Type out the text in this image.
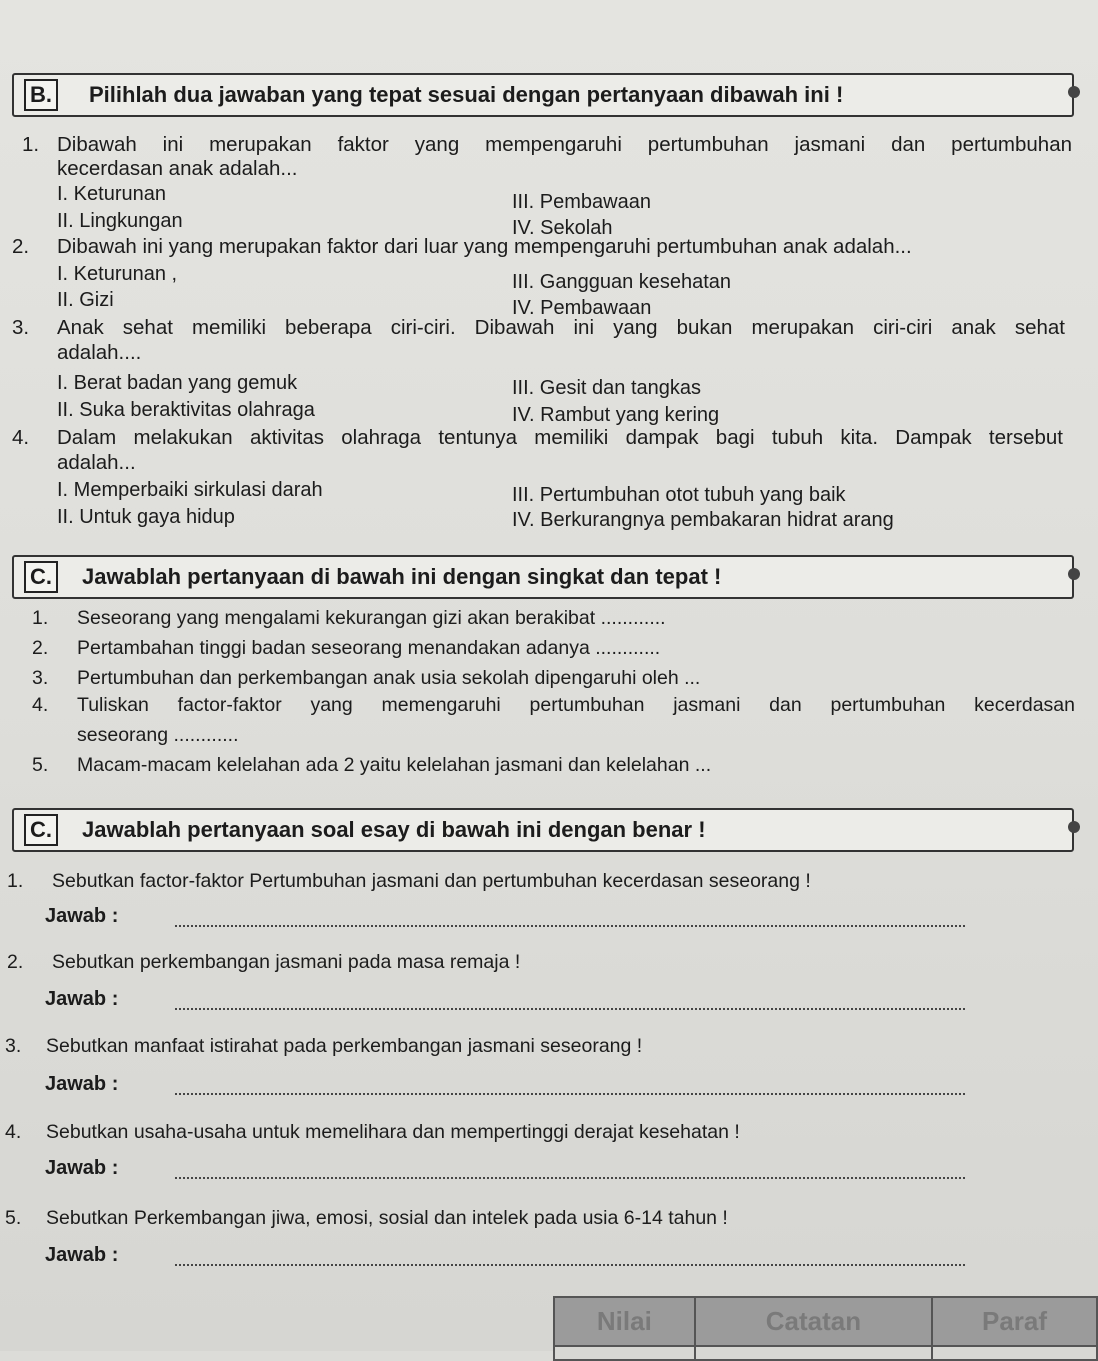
B. Pilihlah dua jawaban yang tepat sesuai dengan pertanyaan dibawah ini !
1. Dibawah ini merupakan faktor yang mempengaruhi pertumbuhan jasmani dan pertumbuhan
kecerdasan anak adalah...
I. Keturunan
II. Lingkungan
III. Pembawaan
IV. Sekolah
2. Dibawah ini yang merupakan faktor dari luar yang mempengaruhi pertumbuhan anak adalah...
I. Keturunan ,
II. Gizi
III. Gangguan kesehatan
IV. Pembawaan
3. Anak sehat memiliki beberapa ciri-ciri. Dibawah ini yang bukan merupakan ciri-ciri anak sehat
adalah....
I. Berat badan yang gemuk
II. Suka beraktivitas olahraga
III. Gesit dan tangkas
IV. Rambut yang kering
4. Dalam melakukan aktivitas olahraga tentunya memiliki dampak bagi tubuh kita. Dampak tersebut
adalah...
I. Memperbaiki sirkulasi darah
II. Untuk gaya hidup
III. Pertumbuhan otot tubuh yang baik
IV. Berkurangnya pembakaran hidrat arang
C. Jawablah pertanyaan di bawah ini dengan singkat dan tepat !
1. Seseorang yang mengalami kekurangan gizi akan berakibat ............
2. Pertambahan tinggi badan seseorang menandakan adanya ............
3. Pertumbuhan dan perkembangan anak usia sekolah dipengaruhi oleh ...
4. Tuliskan factor-faktor yang memengaruhi pertumbuhan jasmani dan pertumbuhan kecerdasan
seseorang ............
5. Macam-macam kelelahan ada 2 yaitu kelelahan jasmani dan kelelahan ...
C. Jawablah pertanyaan soal esay di bawah ini dengan benar !
1. Sebutkan factor-faktor Pertumbuhan jasmani dan pertumbuhan kecerdasan seseorang !
Jawab :
2. Sebutkan perkembangan jasmani pada masa remaja !
Jawab :
3. Sebutkan manfaat istirahat pada perkembangan jasmani seseorang !
Jawab :
4. Sebutkan usaha-usaha untuk memelihara dan mempertinggi derajat kesehatan !
Jawab :
5. Sebutkan Perkembangan jiwa, emosi, sosial dan intelek pada usia 6-14 tahun !
Jawab :
Nilai	Catatan	Paraf
